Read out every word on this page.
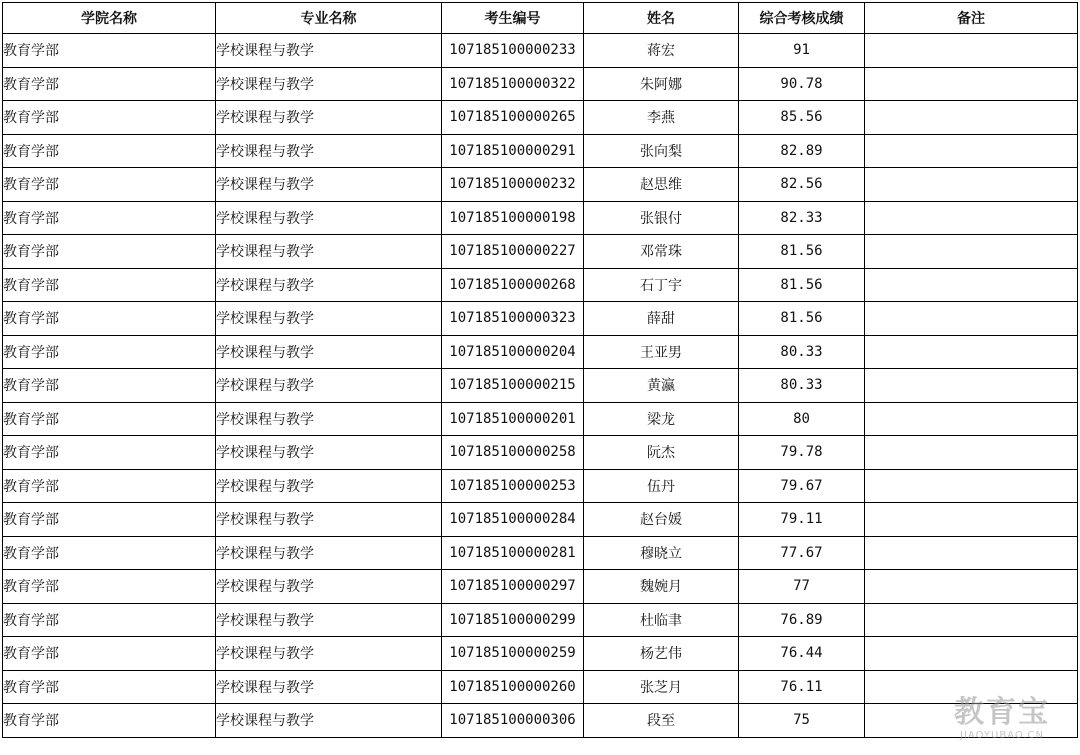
学院名称	专业名称	考生编号	姓名	综合考核成绩	备注
教育学部	学校课程与教学	107185100000233	蒋宏	91	
教育学部	学校课程与教学	107185100000322	朱阿娜	90.78	
教育学部	学校课程与教学	107185100000265	李燕	85.56	
教育学部	学校课程与教学	107185100000291	张向梨	82.89	
教育学部	学校课程与教学	107185100000232	赵思维	82.56	
教育学部	学校课程与教学	107185100000198	张银付	82.33	
教育学部	学校课程与教学	107185100000227	邓常珠	81.56	
教育学部	学校课程与教学	107185100000268	石丁宇	81.56	
教育学部	学校课程与教学	107185100000323	薛甜	81.56	
教育学部	学校课程与教学	107185100000204	王亚男	80.33	
教育学部	学校课程与教学	107185100000215	黄瀛	80.33	
教育学部	学校课程与教学	107185100000201	梁龙	80	
教育学部	学校课程与教学	107185100000258	阮杰	79.78	
教育学部	学校课程与教学	107185100000253	伍丹	79.67	
教育学部	学校课程与教学	107185100000284	赵台媛	79.11	
教育学部	学校课程与教学	107185100000281	穆晓立	77.67	
教育学部	学校课程与教学	107185100000297	魏婉月	77	
教育学部	学校课程与教学	107185100000299	杜临聿	76.89	
教育学部	学校课程与教学	107185100000259	杨艺伟	76.44	
教育学部	学校课程与教学	107185100000260	张芝月	76.11	
教育学部	学校课程与教学	107185100000306	段至	75		教育宝
JIAOYUBAO.CN
